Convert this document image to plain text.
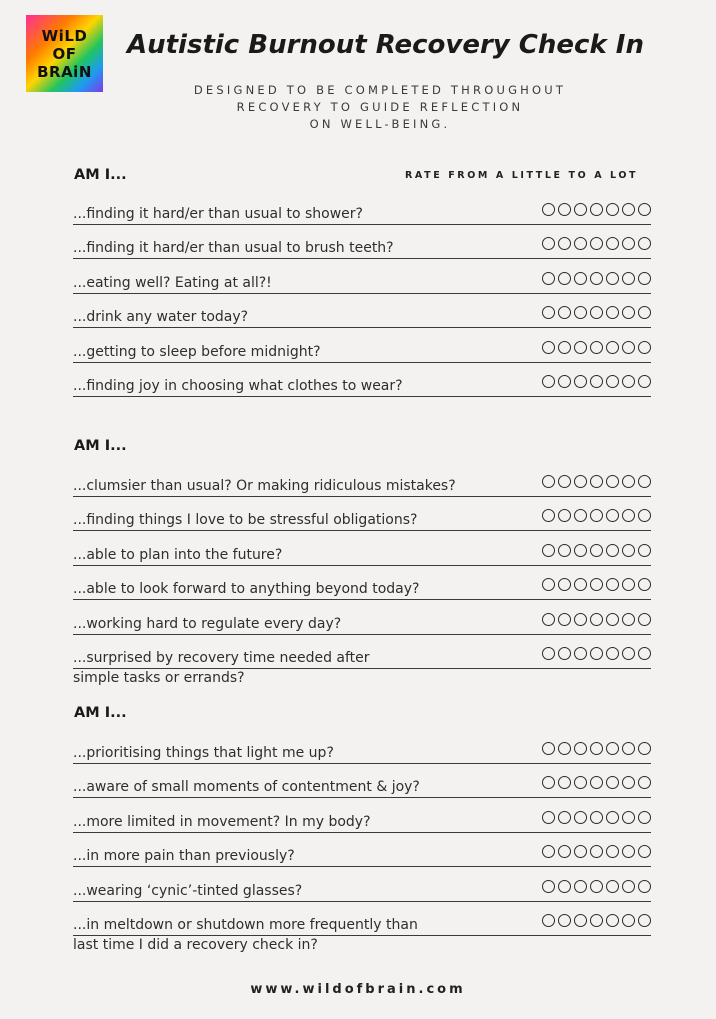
WiLD
OF
BRAiN
Autistic Burnout Recovery Check In
DESIGNED TO BE COMPLETED THROUGHOUT
RECOVERY TO GUIDE REFLECTION
ON WELL-BEING.
RATE FROM A LITTLE TO A LOT
AM I...
...finding it hard/er than usual to shower?
...finding it hard/er than usual to brush teeth?
...eating well? Eating at all?!
...drink any water today?
...getting to sleep before midnight?
...finding joy in choosing what clothes to wear?
AM I...
...clumsier than usual? Or making ridiculous mistakes?
...finding things I love to be stressful obligations?
...able to plan into the future?
...able to look forward to anything beyond today?
...working hard to regulate every day?
...surprised by recovery time needed after
simple tasks or errands?
AM I...
...prioritising things that light me up?
...aware of small moments of contentment & joy?
...more limited in movement? In my body?
...in more pain than previously?
...wearing ‘cynic’-tinted glasses?
...in meltdown or shutdown more frequently than
last time I did a recovery check in?
www.wildofbrain.com
